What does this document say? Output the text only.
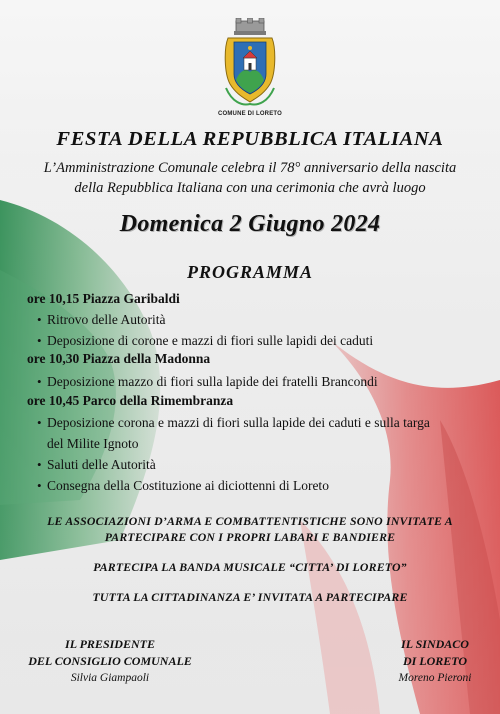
COMUNE DI LORETO
FESTA DELLA REPUBBLICA ITALIANA
L’Amministrazione Comunale celebra il 78° anniversario della nascita
della Repubblica Italiana con una cerimonia che avrà luogo
Domenica 2 Giugno 2024
PROGRAMMA
ore 10,15 Piazza Garibaldi
• Ritrovo delle Autorità
• Deposizione di corone e mazzi di fiori sulle lapidi dei caduti
ore 10,30 Piazza della Madonna
• Deposizione mazzo di fiori sulla lapide dei fratelli Brancondi
ore 10,45 Parco della Rimembranza
• Deposizione corona e mazzi di fiori sulla lapide dei caduti e sulla targa
del Milite Ignoto
• Saluti delle Autorità
• Consegna della Costituzione ai diciottenni di Loreto
LE ASSOCIAZIONI D’ARMA E COMBATTENTISTICHE SONO INVITATE A
PARTECIPARE CON I PROPRI LABARI E BANDIERE
PARTECIPA LA BANDA MUSICALE “CITTA’ DI LORETO”
TUTTA LA CITTADINANZA E’ INVITATA A PARTECIPARE
IL PRESIDENTE
DEL CONSIGLIO COMUNALE
Silvia Giampaoli
IL SINDACO
DI LORETO
Moreno Pieroni
